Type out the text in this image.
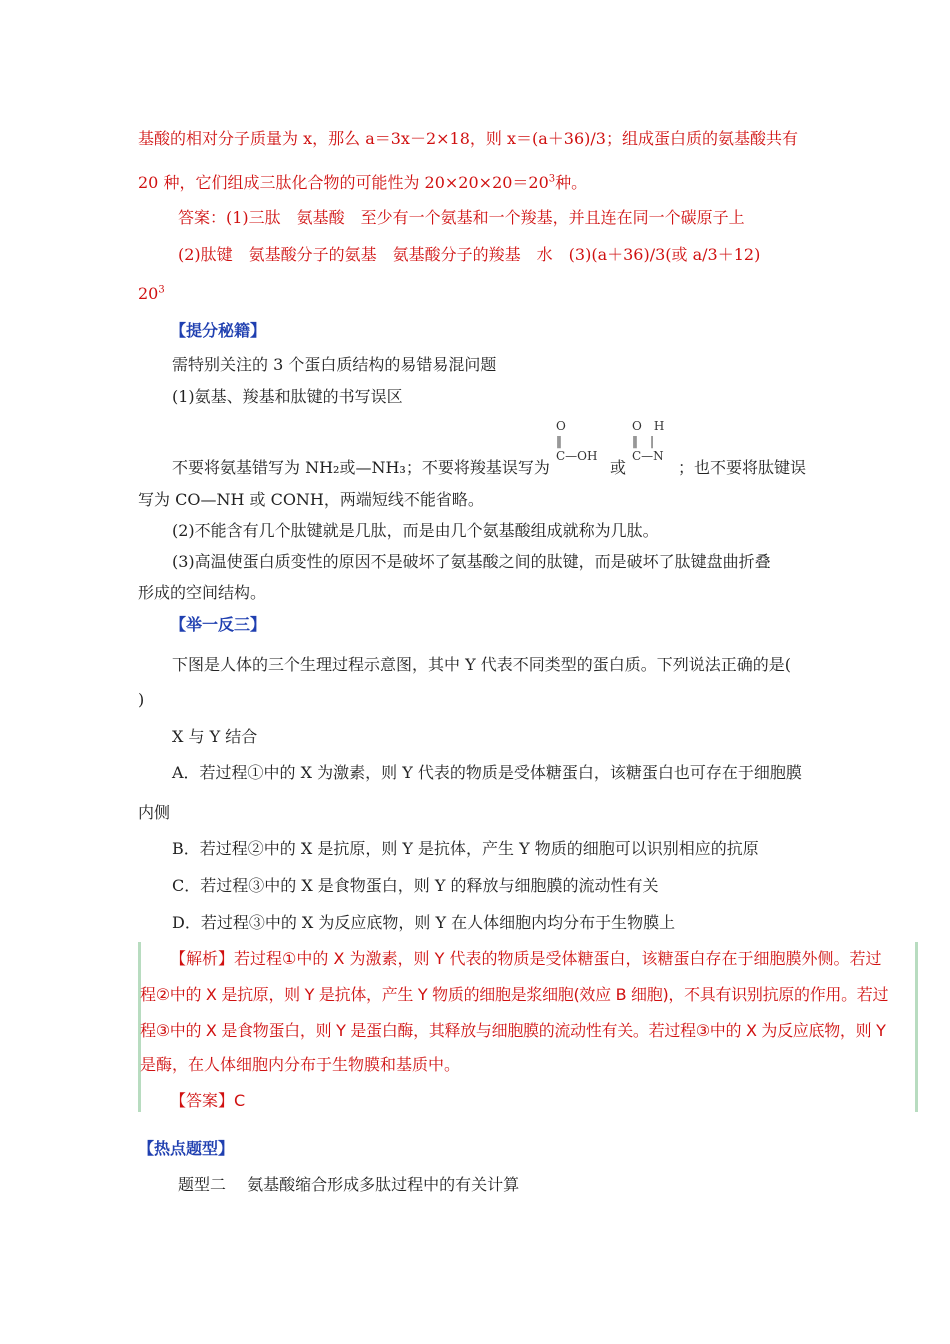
基酸的相对分子质量为 x，那么 a＝3x－2×18，则 x＝(a＋36)/3；组成蛋白质的氨基酸共有
20 种，它们组成三肽化合物的可能性为 $20\times 20\times 20=20^3$种。
答案：(1)三肽　氨基酸　至少有一个氨基和一个羧基，并且连在同一个碳原子上
(2)肽键　氨基酸分子的氨基　氨基酸分子的羧基　水　(3)(a＋36)/3(或 a/3＋12)
$20^3$
【提分秘籍】
需特别关注的 3 个蛋白质结构的易错易混问题
(1)氨基、羧基和肽键的书写误区
O
‖
C—OH
O　H
‖　|
C—N
不要将氨基错写为 NH₂或—NH₃；不要将羧基误写为	或	；也不要将肽键误
写为 CO—NH 或 CONH，两端短线不能省略。
(2)不能含有几个肽键就是几肽，而是由几个氨基酸组成就称为几肽。
(3)高温使蛋白质变性的原因不是破坏了氨基酸之间的肽键，而是破坏了肽键盘曲折叠
形成的空间结构。
【举一反三】
下图是人体的三个生理过程示意图，其中 Y 代表不同类型的蛋白质。下列说法正确的是(
)
X 与 Y 结合
A．若过程①中的 X 为激素，则 Y 代表的物质是受体糖蛋白，该糖蛋白也可存在于细胞膜
内侧
B．若过程②中的 X 是抗原，则 Y 是抗体，产生 Y 物质的细胞可以识别相应的抗原
C．若过程③中的 X 是食物蛋白，则 Y 的释放与细胞膜的流动性有关
D．若过程③中的 X 为反应底物，则 Y 在人体细胞内均分布于生物膜上
【解析】若过程①中的 X 为激素，则 Y 代表的物质是受体糖蛋白，该糖蛋白存在于细胞膜外侧。若过
程②中的 X 是抗原，则 Y 是抗体，产生 Y 物质的细胞是浆细胞(效应 B 细胞)，不具有识别抗原的作用。若过
程③中的 X 是食物蛋白，则 Y 是蛋白酶，其释放与细胞膜的流动性有关。若过程③中的 X 为反应底物，则 Y
是酶，在人体细胞内分布于生物膜和基质中。
【答案】C
【热点题型】
题型二　 氨基酸缩合形成多肽过程中的有关计算
